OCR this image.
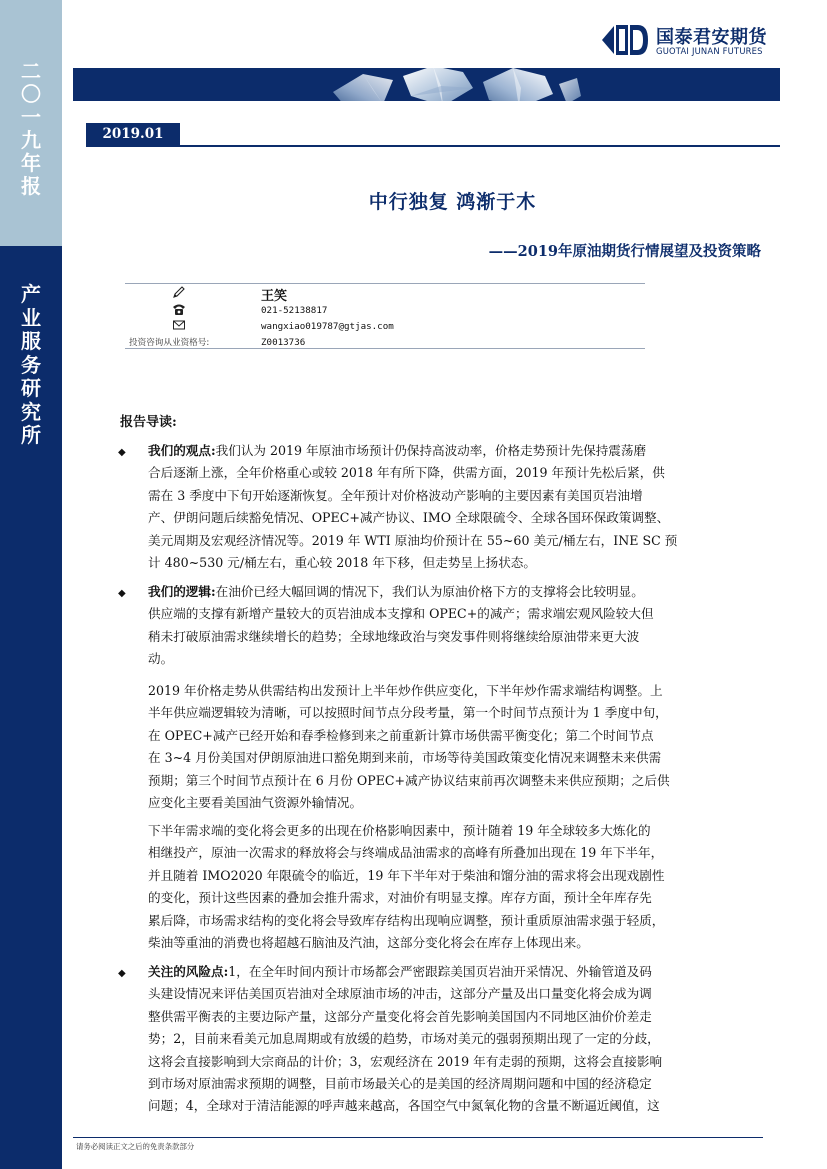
二
〇
一
九
年
报
产
业
服
务
研
究
所
国泰君安期货
GUOTAI JUNAN FUTURES
2019.01
中行独复 鸿渐于木
——2019年原油期货行情展望及投资策略
王笑
021-52138817
wangxiao019787@gtjas.com
投资咨询从业资格号:	Z0013736
报告导读:
◆ 我们的观点:我们认为 2019 年原油市场预计仍保持高波动率，价格走势预计先保持震荡磨
合后逐渐上涨，全年价格重心或较 2018 年有所下降，供需方面，2019 年预计先松后紧，供
需在 3 季度中下旬开始逐渐恢复。全年预计对价格波动产影响的主要因素有美国页岩油增
产、伊朗问题后续豁免情况、OPEC+减产协议、IMO 全球限硫令、全球各国环保政策调整、
美元周期及宏观经济情况等。2019 年 WTI 原油均价预计在 55~60 美元/桶左右，INE SC 预
计 480~530 元/桶左右，重心较 2018 年下移，但走势呈上扬状态。
◆ 我们的逻辑:在油价已经大幅回调的情况下，我们认为原油价格下方的支撑将会比较明显。
供应端的支撑有新增产量较大的页岩油成本支撑和 OPEC+的减产；需求端宏观风险较大但
稍未打破原油需求继续增长的趋势；全球地缘政治与突发事件则将继续给原油带来更大波
动。
2019 年价格走势从供需结构出发预计上半年炒作供应变化，下半年炒作需求端结构调整。上
半年供应端逻辑较为清晰，可以按照时间节点分段考量，第一个时间节点预计为 1 季度中旬，
在 OPEC+减产已经开始和春季检修到来之前重新计算市场供需平衡变化；第二个时间节点
在 3~4 月份美国对伊朗原油进口豁免期到来前，市场等待美国政策变化情况来调整未来供需
预期；第三个时间节点预计在 6 月份 OPEC+减产协议结束前再次调整未来供应预期；之后供
应变化主要看美国油气资源外输情况。
下半年需求端的变化将会更多的出现在价格影响因素中，预计随着 19 年全球较多大炼化的
相继投产，原油一次需求的释放将会与终端成品油需求的高峰有所叠加出现在 19 年下半年，
并且随着 IMO2020 年限硫令的临近，19 年下半年对于柴油和馏分油的需求将会出现戏剧性
的变化，预计这些因素的叠加会推升需求，对油价有明显支撑。库存方面，预计全年库存先
累后降，市场需求结构的变化将会导致库存结构出现响应调整，预计重质原油需求强于轻质，
柴油等重油的消费也将超越石脑油及汽油，这部分变化将会在库存上体现出来。
◆ 关注的风险点:1，在全年时间内预计市场都会严密跟踪美国页岩油开采情况、外输管道及码
头建设情况来评估美国页岩油对全球原油市场的冲击，这部分产量及出口量变化将会成为调
整供需平衡表的主要边际产量，这部分产量变化将会首先影响美国国内不同地区油价价差走
势；2，目前来看美元加息周期或有放缓的趋势，市场对美元的强弱预期出现了一定的分歧，
这将会直接影响到大宗商品的计价；3，宏观经济在 2019 年有走弱的预期，这将会直接影响
到市场对原油需求预期的调整，目前市场最关心的是美国的经济周期问题和中国的经济稳定
问题；4，全球对于清洁能源的呼声越来越高，各国空气中氮氧化物的含量不断逼近阈值，这
请务必阅读正文之后的免责条款部分
